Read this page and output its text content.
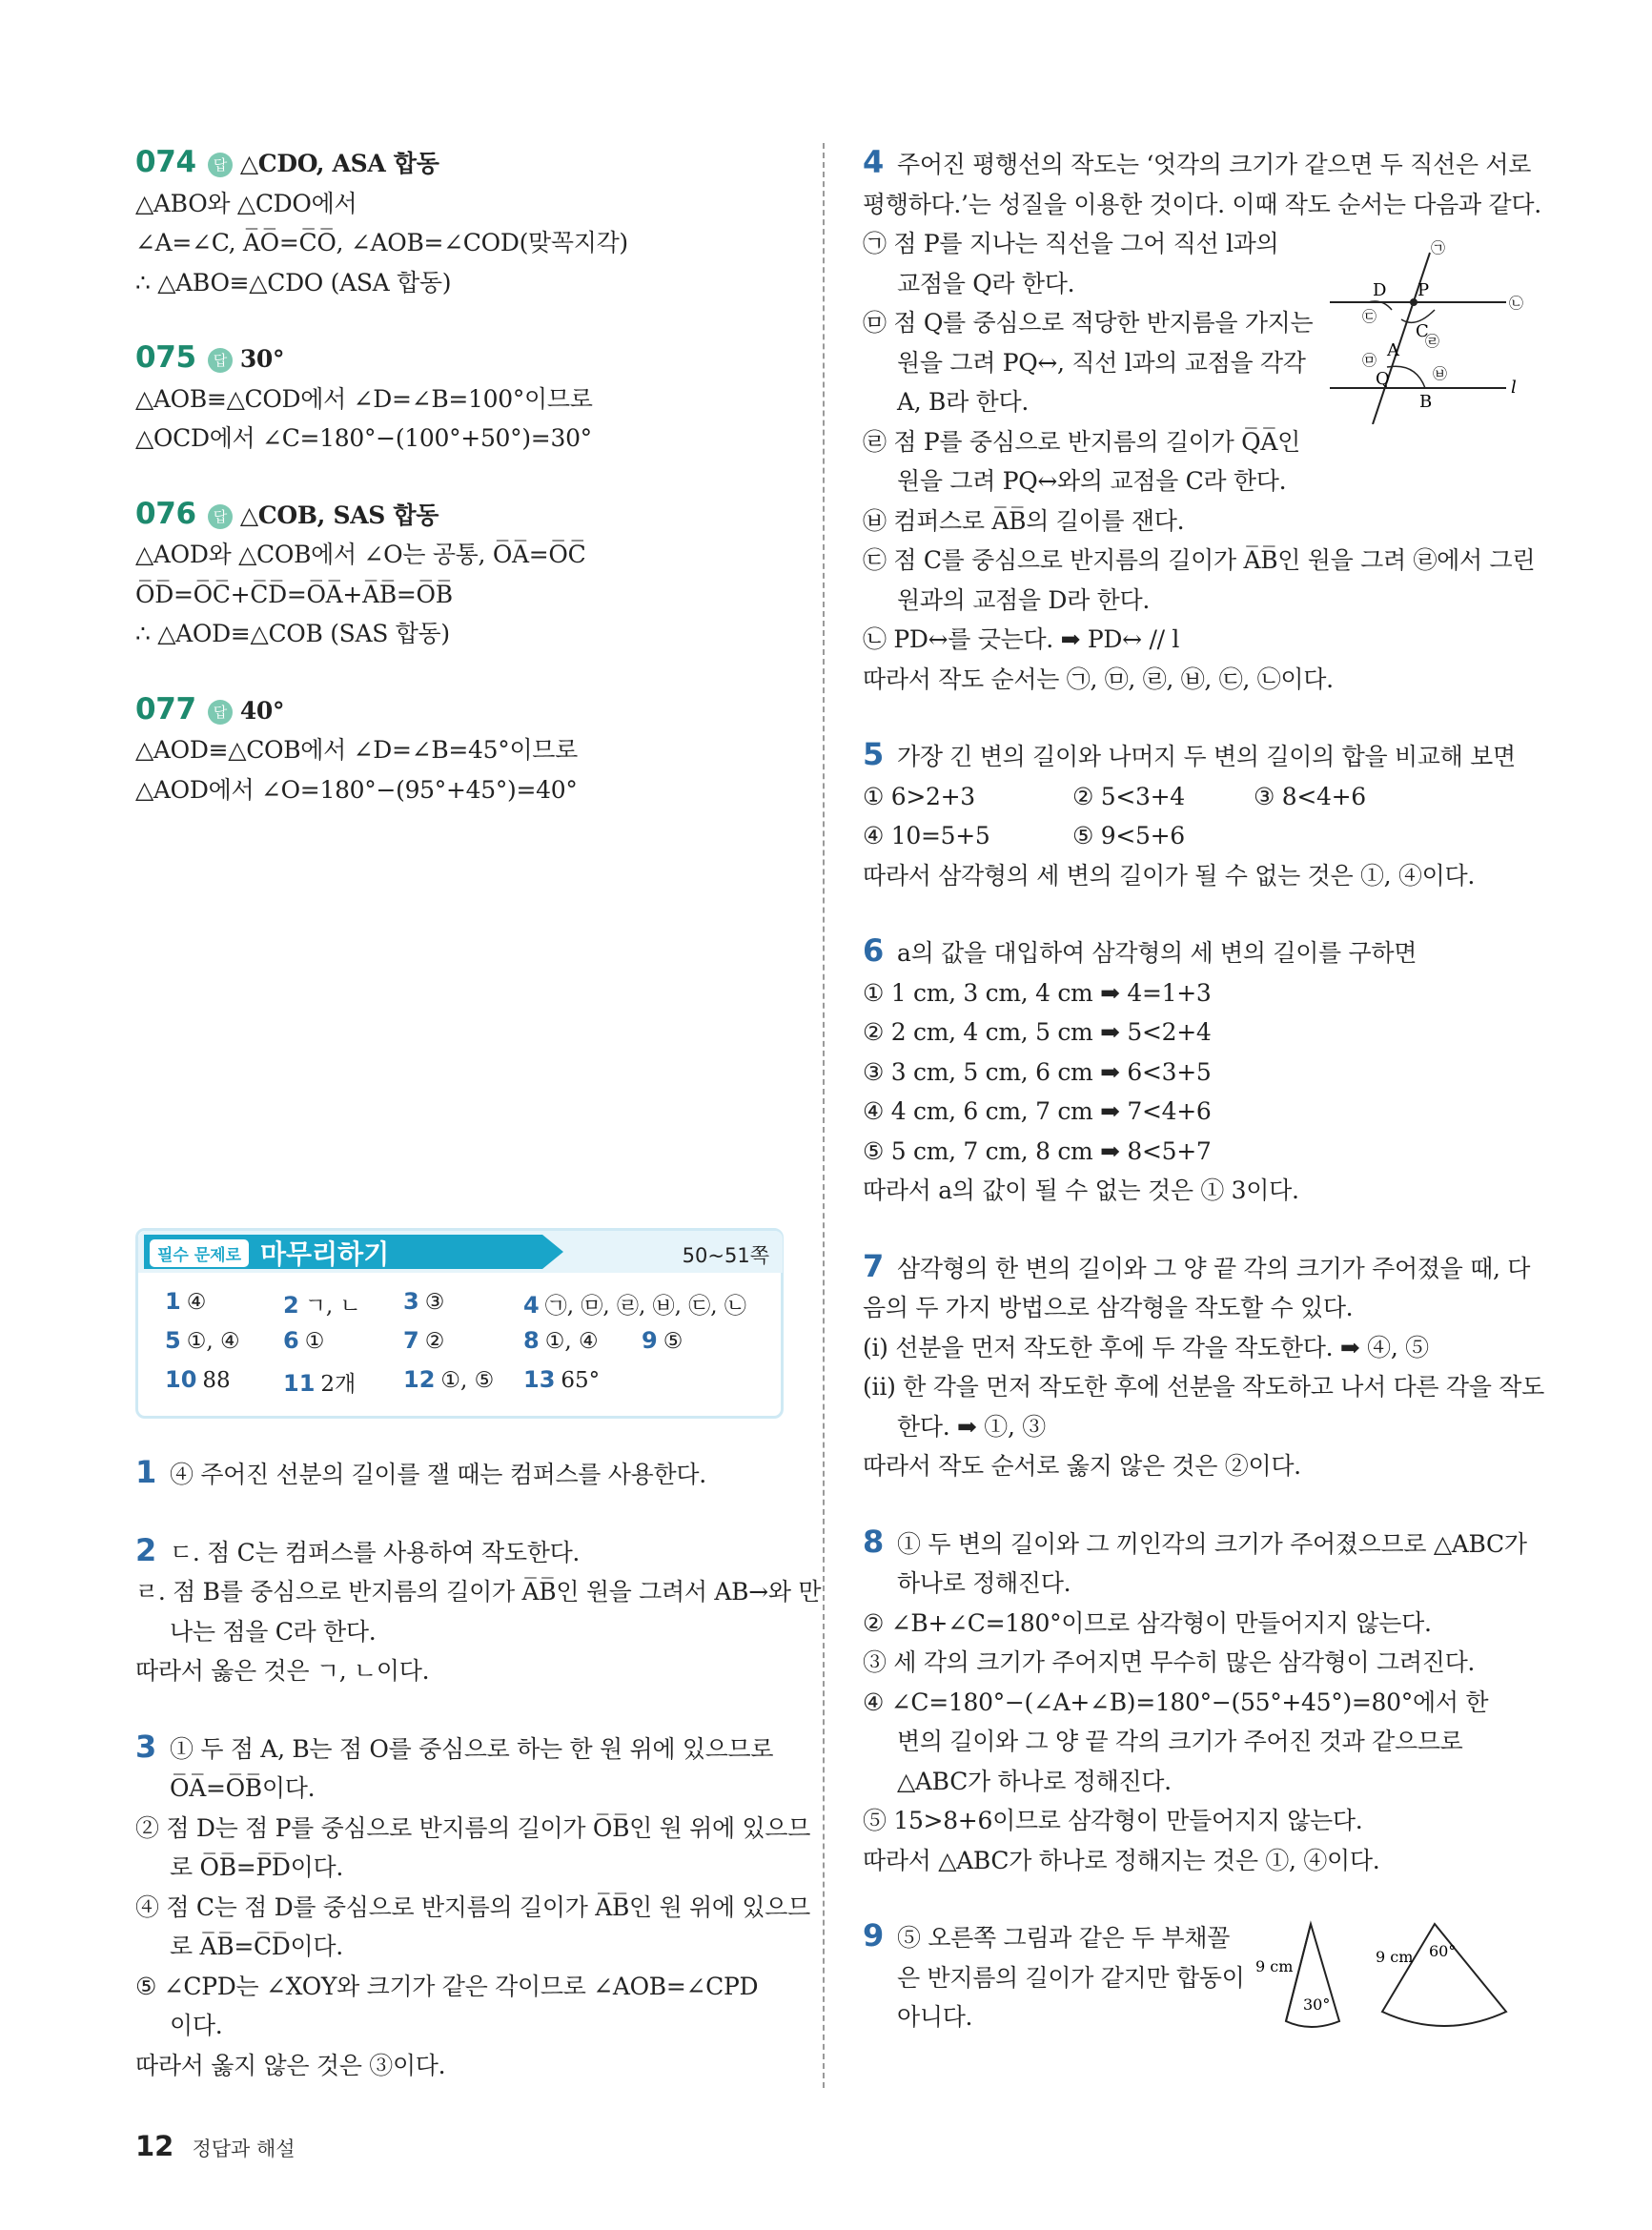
074 답 △CDO, ASA 합동
△ABO와 △CDO에서
∠A=∠C, A̅O̅=C̅O̅, ∠AOB=∠COD(맞꼭지각)
∴ △ABO≡△CDO (ASA 합동)
075 답 30°
△AOB≡△COD에서 ∠D=∠B=100°이므로
△OCD에서 ∠C=180°−(100°+50°)=30°
076 답 △COB, SAS 합동
△AOD와 △COB에서 ∠O는 공통, O̅A̅=O̅C̅
O̅D̅=O̅C̅+C̅D̅=O̅A̅+A̅B̅=O̅B̅
∴ △AOD≡△COB (SAS 합동)
077 답 40°
△AOD≡△COB에서 ∠D=∠B=45°이므로
△AOD에서 ∠O=180°−(95°+45°)=40°
필수 문제로 마무리하기	50~51쪽
1 ④	2 ㄱ, ㄴ 3 ③	4 ㉠, ㉤, ㉣, ㉥, ㉢, ㉡
5 ①, ④ 6 ①	7 ②	8 ①, ④ 9 ⑤
10 88 11 2개 12 ①, ⑤ 13 65°
1 ④ 주어진 선분의 길이를 잴 때는 컴퍼스를 사용한다.
2 ㄷ. 점 C는 컴퍼스를 사용하여 작도한다.
ㄹ. 점 B를 중심으로 반지름의 길이가 A̅B̅인 원을 그려서 AB→와 만
나는 점을 C라 한다.
따라서 옳은 것은 ㄱ, ㄴ이다.
3 ① 두 점 A, B는 점 O를 중심으로 하는 한 원 위에 있으므로
O̅A̅=O̅B̅이다.
② 점 D는 점 P를 중심으로 반지름의 길이가 O̅B̅인 원 위에 있으므
로 O̅B̅=P̅D̅이다.
④ 점 C는 점 D를 중심으로 반지름의 길이가 A̅B̅인 원 위에 있으므
로 A̅B̅=C̅D̅이다.
⑤ ∠CPD는 ∠XOY와 크기가 같은 각이므로 ∠AOB=∠CPD
이다.
따라서 옳지 않은 것은 ③이다.
4 주어진 평행선의 작도는 ‘엇각의 크기가 같으면 두 직선은 서로
평행하다.’는 성질을 이용한 것이다. 이때 작도 순서는 다음과 같다.
㉠ 점 P를 지나는 직선을 그어 직선 l과의
교점을 Q라 한다.
㉤ 점 Q를 중심으로 적당한 반지름을 가지는
원을 그려 PQ↔, 직선 l과의 교점을 각각
A, B라 한다.
㉣ 점 P를 중심으로 반지름의 길이가 Q̅A̅인
원을 그려 PQ↔와의 교점을 C라 한다.
㉥ 컴퍼스로 A̅B̅의 길이를 잰다.
㉢ 점 C를 중심으로 반지름의 길이가 A̅B̅인 원을 그려 ㉣에서 그린
원과의 교점을 D라 한다.
㉡ PD↔를 긋는다. ➡ PD↔ // l
따라서 작도 순서는 ㉠, ㉤, ㉣, ㉥, ㉢, ㉡이다.
P
D
C
A
Q
B
l
㉠
㉡
㉢
㉣
㉤
㉥
5 가장 긴 변의 길이와 나머지 두 변의 길이의 합을 비교해 보면
① 6>2+3	② 5<3+4	③ 8<4+6
④ 10=5+5	⑤ 9<5+6
따라서 삼각형의 세 변의 길이가 될 수 없는 것은 ①, ④이다.
6 a의 값을 대입하여 삼각형의 세 변의 길이를 구하면
① 1 cm, 3 cm, 4 cm ➡ 4=1+3
② 2 cm, 4 cm, 5 cm ➡ 5<2+4
③ 3 cm, 5 cm, 6 cm ➡ 6<3+5
④ 4 cm, 6 cm, 7 cm ➡ 7<4+6
⑤ 5 cm, 7 cm, 8 cm ➡ 8<5+7
따라서 a의 값이 될 수 없는 것은 ① 3이다.
7 삼각형의 한 변의 길이와 그 양 끝 각의 크기가 주어졌을 때, 다
음의 두 가지 방법으로 삼각형을 작도할 수 있다.
(ⅰ) 선분을 먼저 작도한 후에 두 각을 작도한다. ➡ ④, ⑤
(ⅱ) 한 각을 먼저 작도한 후에 선분을 작도하고 나서 다른 각을 작도
한다. ➡ ①, ③
따라서 작도 순서로 옳지 않은 것은 ②이다.
8 ① 두 변의 길이와 그 끼인각의 크기가 주어졌으므로 △ABC가
하나로 정해진다.
② ∠B+∠C=180°이므로 삼각형이 만들어지지 않는다.
③ 세 각의 크기가 주어지면 무수히 많은 삼각형이 그려진다.
④ ∠C=180°−(∠A+∠B)=180°−(55°+45°)=80°에서 한
변의 길이와 그 양 끝 각의 크기가 주어진 것과 같으므로
△ABC가 하나로 정해진다.
⑤ 15>8+6이므로 삼각형이 만들어지지 않는다.
따라서 △ABC가 하나로 정해지는 것은 ①, ④이다.
9 ⑤ 오른쪽 그림과 같은 두 부채꼴
은 반지름의 길이가 같지만 합동이
아니다.
9 cm
30°
9 cm 60°
12 정답과 해설
